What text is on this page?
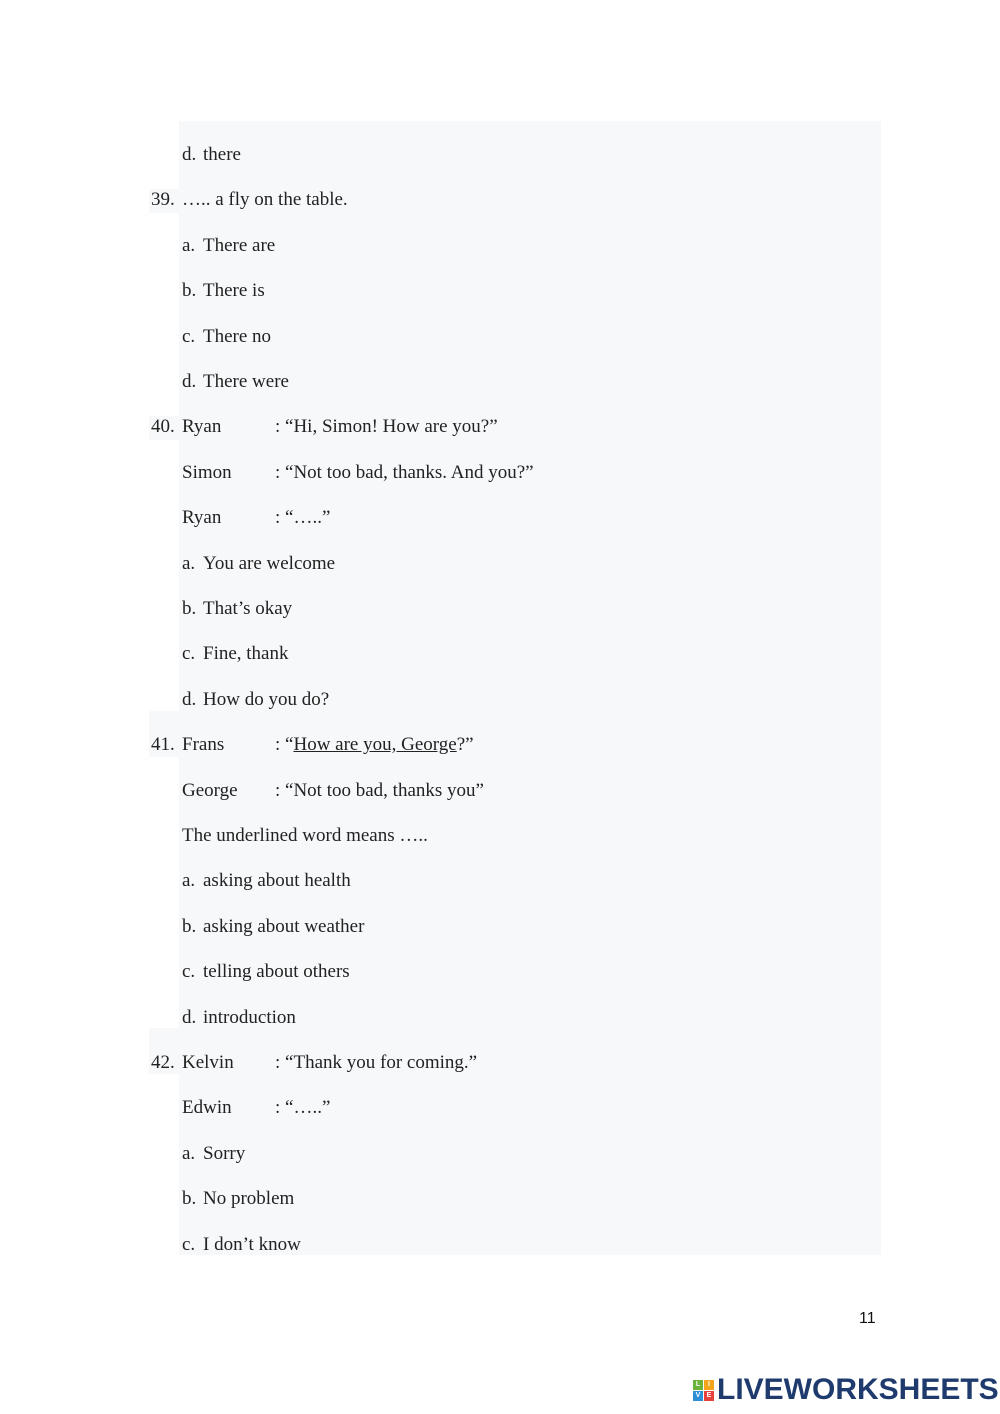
d. there
39. ….. a fly on the table.
a. There are
b. There is
c. There no
d. There were
40. Ryan	: “Hi, Simon! How are you?”
Simon : “Not too bad, thanks. And you?”
Ryan	: “…..”
a. You are welcome
b. That’s okay
c. Fine, thank
d. How do you do?
41. Frans	: “How are you, George?”
George : “Not too bad, thanks you”
The underlined word means …..
a. asking about health
b. asking about weather
c. telling about others
d. introduction
42. Kelvin : “Thank you for coming.”
Edwin : “…..”
a. Sorry
b. No problem
c. I don’t know
11
L	I
V E LIVEWORKSHEETS
